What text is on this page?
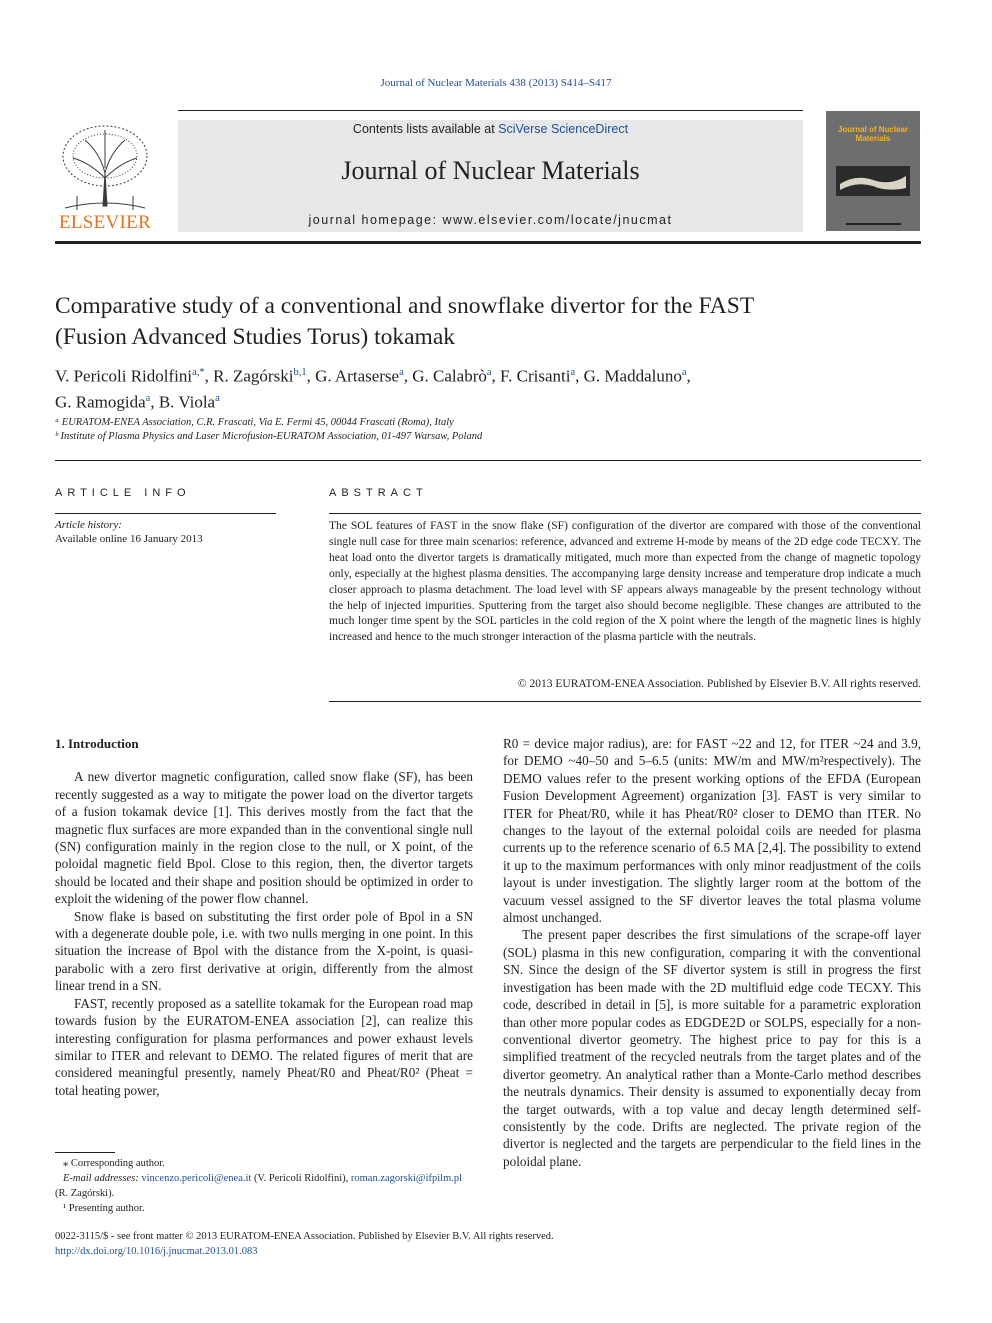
Journal of Nuclear Materials 438 (2013) S414–S417
ELSEVIER
Contents lists available at SciVerse ScienceDirect
Journal of Nuclear Materials
journal homepage: www.elsevier.com/locate/jnucmat
Journal of Nuclear Materials
Comparative study of a conventional and snowflake divertor for the FAST
(Fusion Advanced Studies Torus) tokamak
V. Pericoli Ridolfini$^{a,*}$, R. Zagórski$^{b,1}$, G. Artaserse$^a$, G. Calabrò$^a$, F. Crisanti$^a$, G. Maddaluno$^a$,
G. Ramogida$^a$, B. Viola$^a$
ᵃ EURATOM-ENEA Association, C.R. Frascati, Via E. Fermi 45, 00044 Frascati (Roma), Italy
ᵇ Institute of Plasma Physics and Laser Microfusion-EURATOM Association, 01-497 Warsaw, Poland
ARTICLE INFO
Article history:
Available online 16 January 2013
ABSTRACT
The SOL features of FAST in the snow flake (SF) configuration of the divertor are compared with those of the conventional single null case for three main scenarios: reference, advanced and extreme H-mode by means of the 2D edge code TECXY. The heat load onto the divertor targets is dramatically mitigated, much more than expected from the change of magnetic topology only, especially at the highest plasma densities. The accompanying large density increase and temperature drop indicate a much closer approach to plasma detachment. The load level with SF appears always manageable by the present technology without the help of injected impurities. Sputtering from the target also should become negligible. These changes are attributed to the much longer time spent by the SOL particles in the cold region of the X point where the length of the magnetic lines is highly increased and hence to the much stronger interaction of the plasma particle with the neutrals.
© 2013 EURATOM-ENEA Association. Published by Elsevier B.V. All rights reserved.
1. Introduction

A new divertor magnetic configuration, called snow flake (SF), has been recently suggested as a way to mitigate the power load on the divertor targets of a fusion tokamak device [1]. This derives mostly from the fact that the magnetic flux surfaces are more expanded than in the conventional single null (SN) configuration mainly in the region close to the null, or X point, of the poloidal magnetic field Bpol. Close to this region, then, the divertor targets should be located and their shape and position should be optimized in order to exploit the widening of the power flow channel.

Snow flake is based on substituting the first order pole of Bpol in a SN with a degenerate double pole, i.e. with two nulls merging in one point. In this situation the increase of Bpol with the distance from the X-point, is quasi-parabolic with a zero first derivative at origin, differently from the almost linear trend in a SN.

FAST, recently proposed as a satellite tokamak for the European road map towards fusion by the EURATOM-ENEA association [2], can realize this interesting configuration for plasma performances and power exhaust levels similar to ITER and relevant to DEMO. The related figures of merit that are considered meaningful presently, namely Pheat/R0 and Pheat/R0² (Pheat = total heating power,

R0 = device major radius), are: for FAST ~22 and 12, for ITER ~24 and 3.9, for DEMO ~40–50 and 5–6.5 (units: MW/m and MW/m²respectively). The DEMO values refer to the present working options of the EFDA (European Fusion Development Agreement) organization [3]. FAST is very similar to ITER for Pheat/R0, while it has Pheat/R0² closer to DEMO than ITER. No changes to the layout of the external poloidal coils are needed for plasma currents up to the reference scenario of 6.5 MA [2,4]. The possibility to extend it up to the maximum performances with only minor readjustment of the coils layout is under investigation. The slightly larger room at the bottom of the vacuum vessel assigned to the SF divertor leaves the total plasma volume almost unchanged.

The present paper describes the first simulations of the scrape-off layer (SOL) plasma in this new configuration, comparing it with the conventional SN. Since the design of the SF divertor system is still in progress the first investigation has been made with the 2D multifluid edge code TECXY. This code, described in detail in [5], is more suitable for a parametric exploration than other more popular codes as EDGDE2D or SOLPS, especially for a non-conventional divertor geometry. The highest price to pay for this is a simplified treatment of the recycled neutrals from the target plates and of the divertor geometry. An analytical rather than a Monte-Carlo method describes the neutrals dynamics. Their density is assumed to exponentially decay from the target outwards, with a top value and decay length determined self-consistently by the code. Drifts are neglected. The private region of the divertor is neglected and the targets are perpendicular to the field lines in the poloidal plane.

⁎ Corresponding author.
E-mail addresses: vincenzo.pericoli@enea.it (V. Pericoli Ridolfini), roman.zagorski@ifpilm.pl (R. Zagórski).
¹ Presenting author.
0022-3115/$ - see front matter © 2013 EURATOM-ENEA Association. Published by Elsevier B.V. All rights reserved.
http://dx.doi.org/10.1016/j.jnucmat.2013.01.083
